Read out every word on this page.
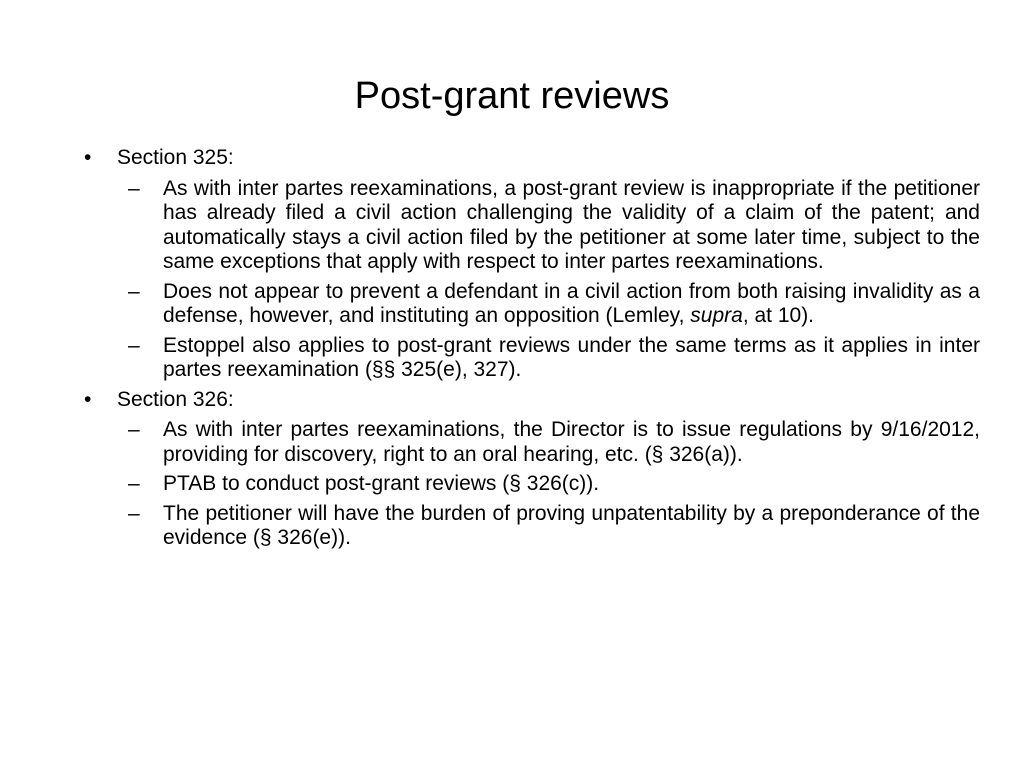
Post-grant reviews
• Section 325:
– As with inter partes reexaminations, a post-grant review is inappropriate if the petitioner has already filed a civil action challenging the validity of a claim of the patent; and automatically stays a civil action filed by the petitioner at some later time, subject to the same exceptions that apply with respect to inter partes reexaminations.
– Does not appear to prevent a defendant in a civil action from both raising invalidity as a defense, however, and instituting an opposition (Lemley, supra, at 10).
– Estoppel also applies to post-grant reviews under the same terms as it applies in inter partes reexamination (§§ 325(e), 327).
• Section 326:
– As with inter partes reexaminations, the Director is to issue regulations by 9/16/2012, providing for discovery, right to an oral hearing, etc. (§ 326(a)).
– PTAB to conduct post-grant reviews (§ 326(c)).
– The petitioner will have the burden of proving unpatentability by a preponderance of the evidence (§ 326(e)).
